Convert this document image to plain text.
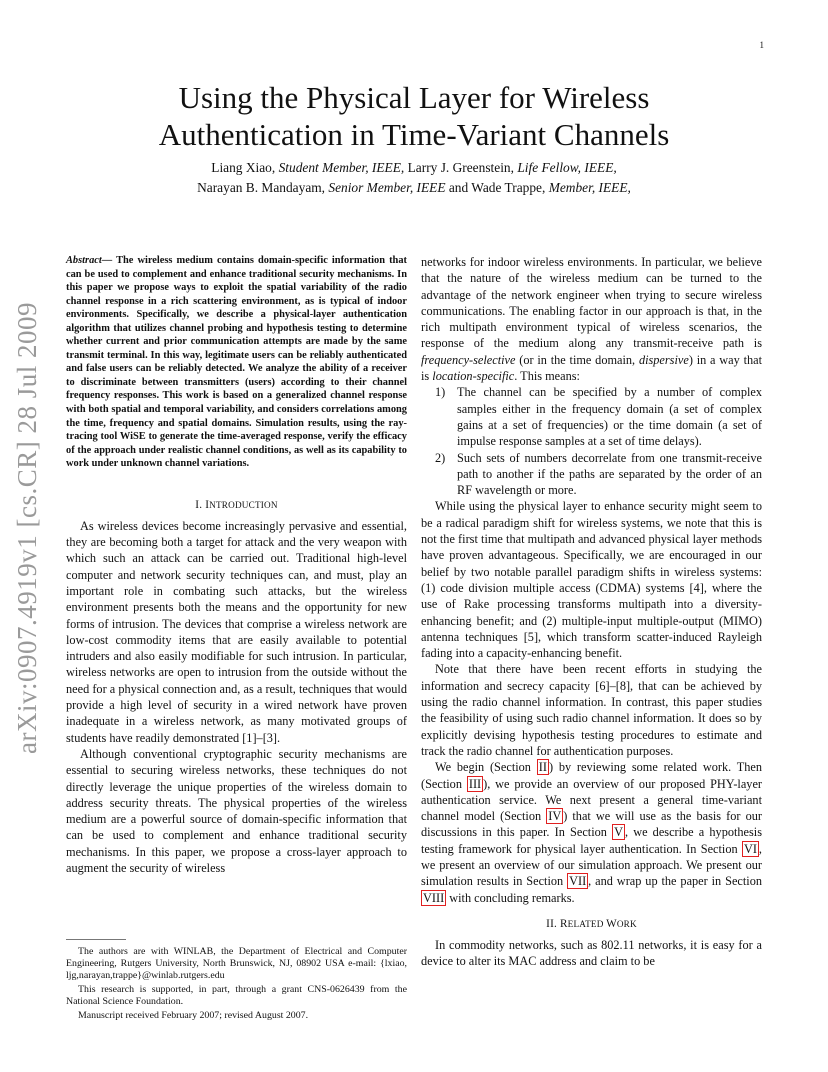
1
arXiv:0907.4919v1 [cs.CR] 28 Jul 2009
Using the Physical Layer for Wireless
Authentication in Time-Variant Channels
Liang Xiao, Student Member, IEEE, Larry J. Greenstein, Life Fellow, IEEE,
Narayan B. Mandayam, Senior Member, IEEE and Wade Trappe, Member, IEEE,

Abstract— The wireless medium contains domain-specific information that can be used to complement and enhance traditional security mechanisms. In this paper we propose ways to exploit the spatial variability of the radio channel response in a rich scattering environment, as is typical of indoor environments. Specifically, we describe a physical-layer authentication algorithm that utilizes channel probing and hypothesis testing to determine whether current and prior communication attempts are made by the same transmit terminal. In this way, legitimate users can be reliably authenticated and false users can be reliably detected. We analyze the ability of a receiver to discriminate between transmitters (users) according to their channel frequency responses. This work is based on a generalized channel response with both spatial and temporal variability, and considers correlations among the time, frequency and spatial domains. Simulation results, using the ray-tracing tool WiSE to generate the time-averaged response, verify the efficacy of the approach under realistic channel conditions, as well as its capability to work under unknown channel variations.

I. INTRODUCTION

As wireless devices become increasingly pervasive and essential, they are becoming both a target for attack and the very weapon with which such an attack can be carried out. Traditional high-level computer and network security techniques can, and must, play an important role in combating such attacks, but the wireless environment presents both the means and the opportunity for new forms of intrusion. The devices that comprise a wireless network are low-cost commodity items that are easily available to potential intruders and also easily modifiable for such intrusion. In particular, wireless networks are open to intrusion from the outside without the need for a physical connection and, as a result, techniques that would provide a high level of security in a wired network have proven inadequate in a wireless network, as many motivated groups of students have readily demonstrated [1]–[3].

Although conventional cryptographic security mechanisms are essential to securing wireless networks, these techniques do not directly leverage the unique properties of the wireless domain to address security threats. The physical properties of the wireless medium are a powerful source of domain-specific information that can be used to complement and enhance traditional security mechanisms. In this paper, we propose a cross-layer approach to augment the security of wireless

The authors are with WINLAB, the Department of Electrical and Computer Engineering, Rutgers University, North Brunswick, NJ, 08902 USA e-mail: {lxiao, ljg,narayan,trappe}@winlab.rutgers.edu

This research is supported, in part, through a grant CNS-0626439 from the National Science Foundation.

Manuscript received February 2007; revised August 2007.

networks for indoor wireless environments. In particular, we believe that the nature of the wireless medium can be turned to the advantage of the network engineer when trying to secure wireless communications. The enabling factor in our approach is that, in the rich multipath environment typical of wireless scenarios, the response of the medium along any transmit-receive path is frequency-selective (or in the time domain, dispersive) in a way that is location-specific. This means:

1) The channel can be specified by a number of complex samples either in the frequency domain (a set of complex gains at a set of frequencies) or the time domain (a set of impulse response samples at a set of time delays).
2) Such sets of numbers decorrelate from one transmit-receive path to another if the paths are separated by the order of an RF wavelength or more.

While using the physical layer to enhance security might seem to be a radical paradigm shift for wireless systems, we note that this is not the first time that multipath and advanced physical layer methods have proven advantageous. Specifically, we are encouraged in our belief by two notable parallel paradigm shifts in wireless systems: (1) code division multiple access (CDMA) systems [4], where the use of Rake processing transforms multipath into a diversity-enhancing benefit; and (2) multiple-input multiple-output (MIMO) antenna techniques [5], which transform scatter-induced Rayleigh fading into a capacity-enhancing benefit.

Note that there have been recent efforts in studying the information and secrecy capacity [6]–[8], that can be achieved by using the radio channel information. In contrast, this paper studies the feasibility of using such radio channel information. It does so by explicitly devising hypothesis testing procedures to estimate and track the radio channel for authentication purposes.

We begin (Section II ) by reviewing some related work. Then (Section III ), we provide an overview of our proposed PHY-layer authentication service. We next present a general time-variant channel model (Section IV ) that we will use as the basis for our discussions in this paper. In Section V , we describe a hypothesis testing framework for physical layer authentication. In Section VI , we present an overview of our simulation approach. We present our simulation results in Section VII , and wrap up the paper in Section VIII with concluding remarks.

II. RELATED WORK

In commodity networks, such as 802.11 networks, it is easy for a device to alter its MAC address and claim to be
